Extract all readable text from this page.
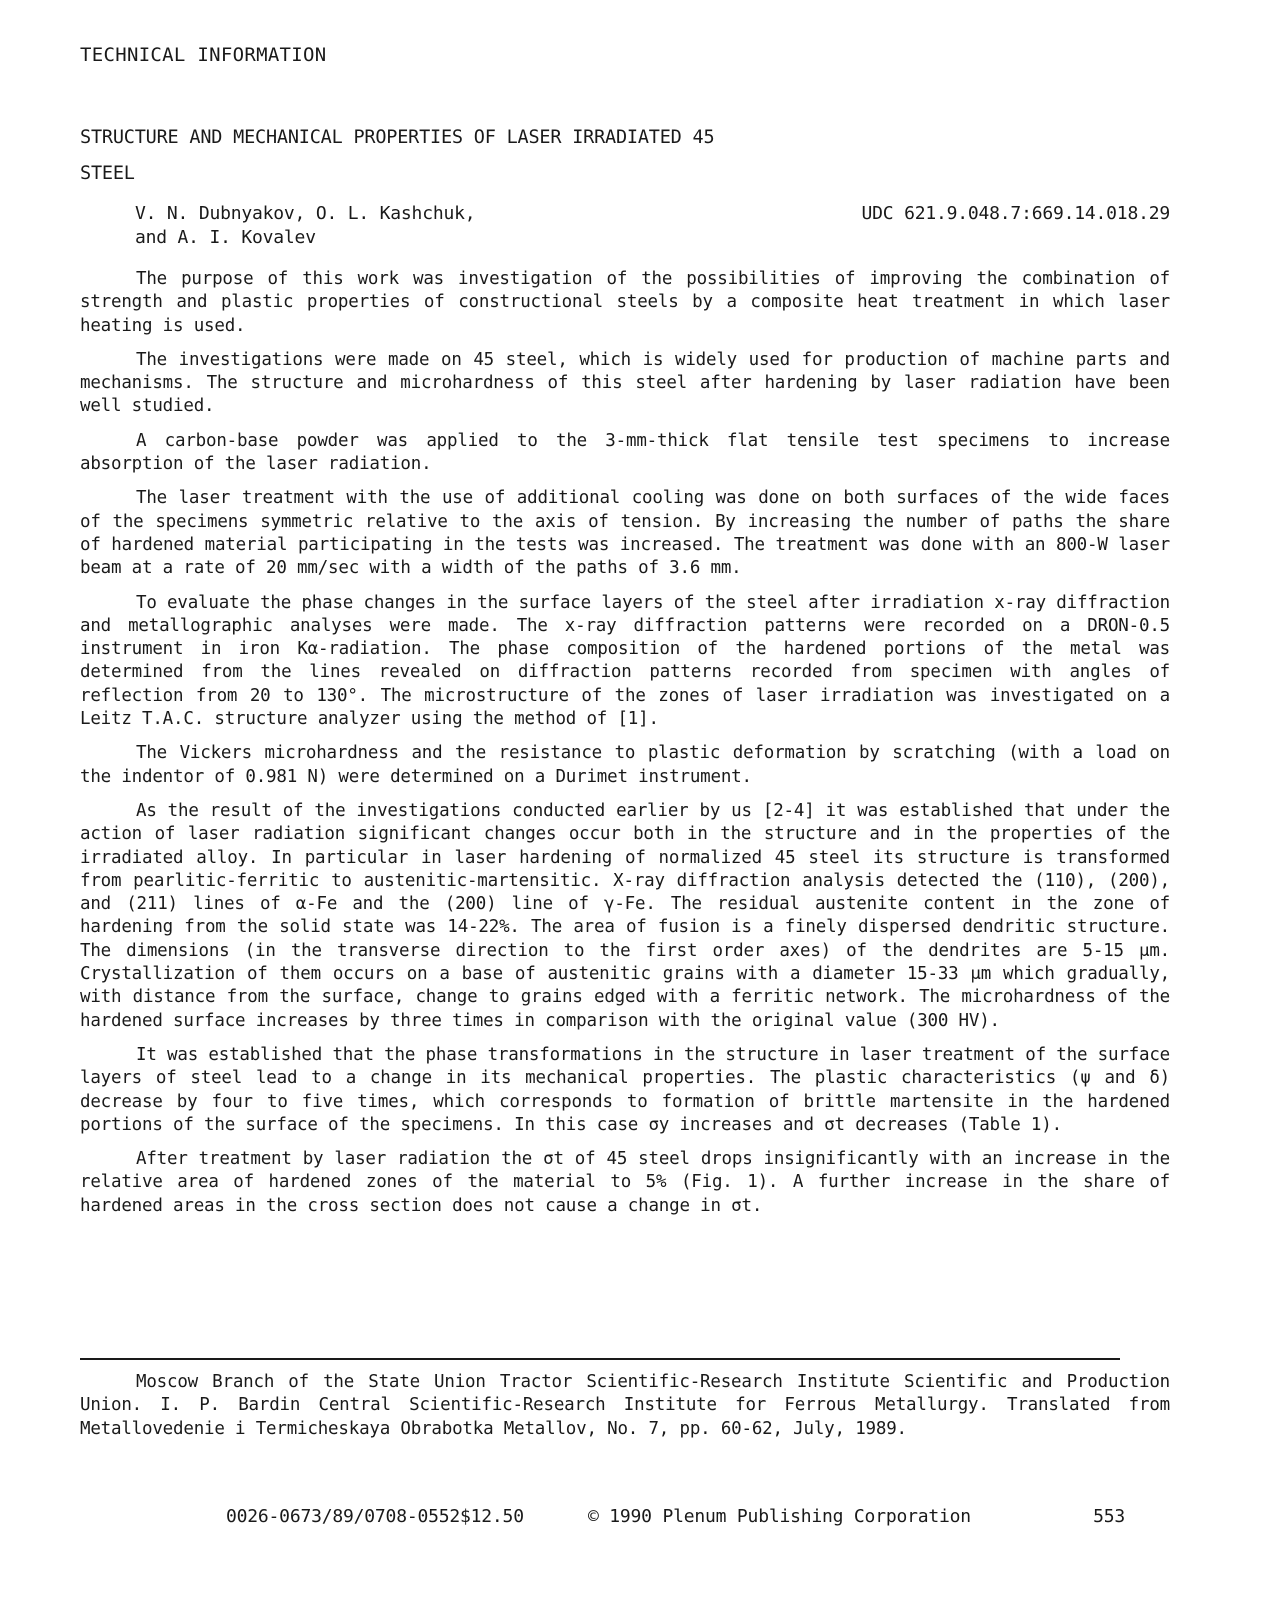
TECHNICAL INFORMATION
STRUCTURE AND MECHANICAL PROPERTIES OF LASER IRRADIATED 45 STEEL
V. N. Dubnyakov, O. L. Kashchuk,
and A. I. Kovalev
UDC 621.9.048.7:669.14.018.29

The purpose of this work was investigation of the possibilities of improving the combination of strength and plastic properties of constructional steels by a composite heat treatment in which laser heating is used.

The investigations were made on 45 steel, which is widely used for production of machine parts and mechanisms. The structure and microhardness of this steel after hardening by laser radiation have been well studied.

A carbon-base powder was applied to the 3-mm-thick flat tensile test specimens to increase absorption of the laser radiation.

The laser treatment with the use of additional cooling was done on both surfaces of the wide faces of the specimens symmetric relative to the axis of tension. By increasing the number of paths the share of hardened material participating in the tests was increased. The treatment was done with an 800-W laser beam at a rate of 20 mm/sec with a width of the paths of 3.6 mm.

To evaluate the phase changes in the surface layers of the steel after irradiation x-ray diffraction and metallographic analyses were made. The x-ray diffraction patterns were recorded on a DRON-0.5 instrument in iron Kα-radiation. The phase composition of the hardened portions of the metal was determined from the lines revealed on diffraction patterns recorded from specimen with angles of reflection from 20 to 130°. The microstructure of the zones of laser irradiation was investigated on a Leitz T.A.C. structure analyzer using the method of [1].

The Vickers microhardness and the resistance to plastic deformation by scratching (with a load on the indentor of 0.981 N) were determined on a Durimet instrument.

As the result of the investigations conducted earlier by us [2-4] it was established that under the action of laser radiation significant changes occur both in the structure and in the properties of the irradiated alloy. In particular in laser hardening of normalized 45 steel its structure is transformed from pearlitic-ferritic to austenitic-martensitic. X-ray diffraction analysis detected the (110), (200), and (211) lines of α-Fe and the (200) line of γ-Fe. The residual austenite content in the zone of hardening from the solid state was 14-22%. The area of fusion is a finely dispersed dendritic structure. The dimensions (in the transverse direction to the first order axes) of the dendrites are 5-15 μm. Crystallization of them occurs on a base of austenitic grains with a diameter 15-33 μm which gradually, with distance from the surface, change to grains edged with a ferritic network. The microhardness of the hardened surface increases by three times in comparison with the original value (300 HV).

It was established that the phase transformations in the structure in laser treatment of the surface layers of steel lead to a change in its mechanical properties. The plastic characteristics (ψ and δ) decrease by four to five times, which corresponds to formation of brittle martensite in the hardened portions of the surface of the specimens. In this case σy increases and σt decreases (Table 1).

After treatment by laser radiation the σt of 45 steel drops insignificantly with an increase in the relative area of hardened zones of the material to 5% (Fig. 1). A further increase in the share of hardened areas in the cross section does not cause a change in σt.

Moscow Branch of the State Union Tractor Scientific-Research Institute Scientific and Production Union. I. P. Bardin Central Scientific-Research Institute for Ferrous Metallurgy. Translated from Metallovedenie i Termicheskaya Obrabotka Metallov, No. 7, pp. 60-62, July, 1989.

0026-0673/89/0708-0552$12.50	© 1990 Plenum Publishing Corporation	553
